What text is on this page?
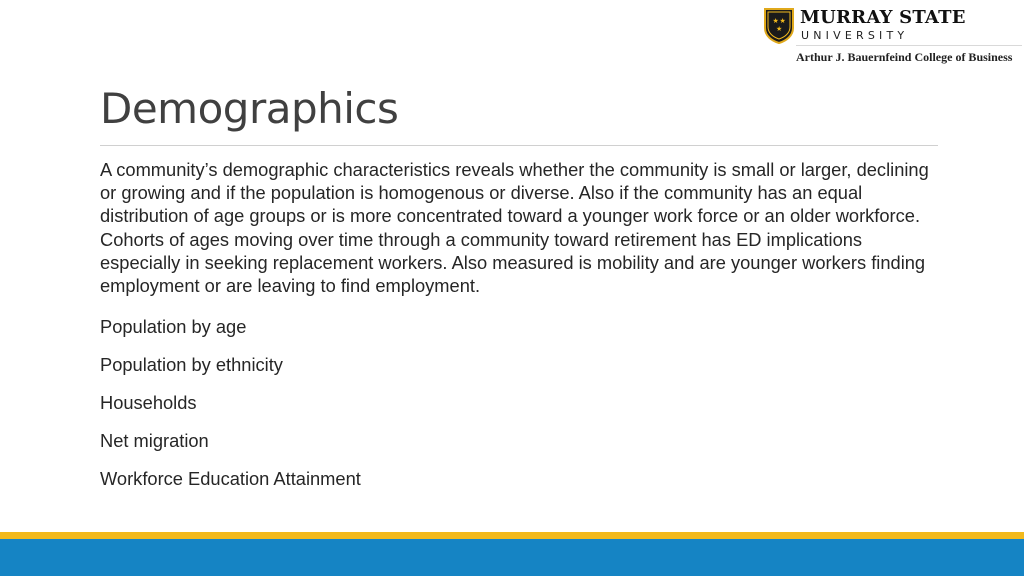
★ ★
★
MURRAY STATE
UNIVERSITY
Arthur J. Bauernfeind College of Business
Demographics

A community’s demographic characteristics reveals whether the community is small or larger, declining or growing and if the population is homogenous or diverse. Also if the community has an equal distribution of age groups or is more concentrated toward a younger work force or an older workforce. Cohorts of ages moving over time through a community toward retirement has ED implications especially in seeking replacement workers. Also measured is mobility and are younger workers finding employment or are leaving to find employment.

Population by age
Population by ethnicity
Households
Net migration
Workforce Education Attainment
